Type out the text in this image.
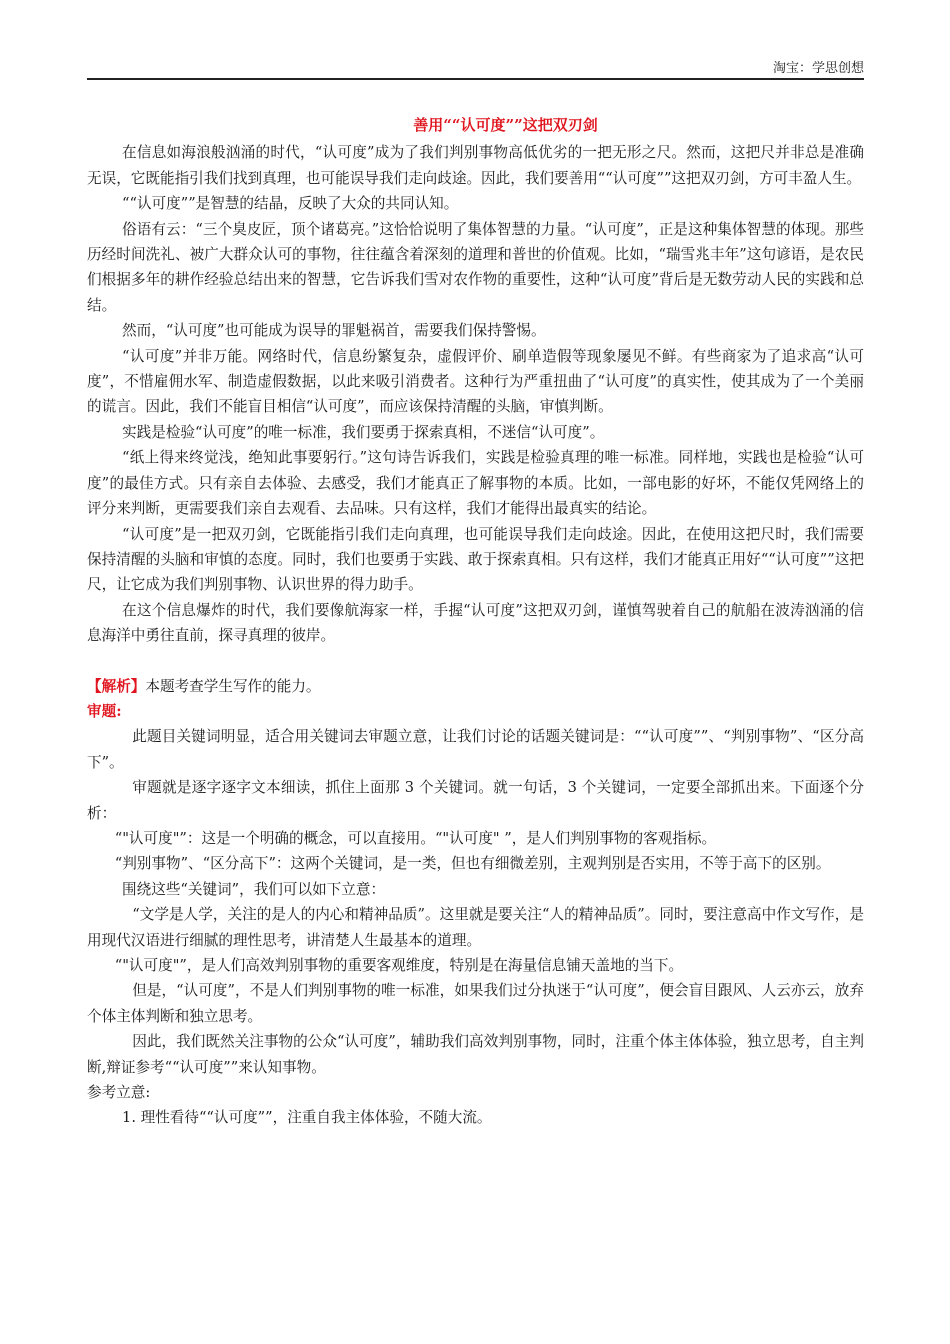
淘宝：学思创想
善用““认可度””这把双刃剑

在信息如海浪般汹涌的时代，“认可度”成为了我们判别事物高低优劣的一把无形之尺。然而，这把尺并非总是准确无误，它既能指引我们找到真理，也可能误导我们走向歧途。因此，我们要善用““认可度””这把双刃剑，方可丰盈人生。

““认可度””是智慧的结晶，反映了大众的共同认知。

俗语有云：“三个臭皮匠，顶个诸葛亮。”这恰恰说明了集体智慧的力量。“认可度”，正是这种集体智慧的体现。那些历经时间洗礼、被广大群众认可的事物，往往蕴含着深刻的道理和普世的价值观。比如，“瑞雪兆丰年”这句谚语，是农民们根据多年的耕作经验总结出来的智慧，它告诉我们雪对农作物的重要性，这种“认可度”背后是无数劳动人民的实践和总结。

然而，“认可度”也可能成为误导的罪魁祸首，需要我们保持警惕。

“认可度”并非万能。网络时代，信息纷繁复杂，虚假评价、刷单造假等现象屡见不鲜。有些商家为了追求高“认可度”，不惜雇佣水军、制造虚假数据，以此来吸引消费者。这种行为严重扭曲了“认可度”的真实性，使其成为了一个美丽的谎言。因此，我们不能盲目相信“认可度”，而应该保持清醒的头脑，审慎判断。

实践是检验“认可度”的唯一标准，我们要勇于探索真相，不迷信“认可度”。

“纸上得来终觉浅，绝知此事要躬行。”这句诗告诉我们，实践是检验真理的唯一标准。同样地，实践也是检验“认可度”的最佳方式。只有亲自去体验、去感受，我们才能真正了解事物的本质。比如，一部电影的好坏，不能仅凭网络上的评分来判断，更需要我们亲自去观看、去品味。只有这样，我们才能得出最真实的结论。

“认可度”是一把双刃剑，它既能指引我们走向真理，也可能误导我们走向歧途。因此，在使用这把尺时，我们需要保持清醒的头脑和审慎的态度。同时，我们也要勇于实践、敢于探索真相。只有这样，我们才能真正用好““认可度””这把尺，让它成为我们判别事物、认识世界的得力助手。

在这个信息爆炸的时代，我们要像航海家一样，手握“认可度”这把双刃剑，谨慎驾驶着自己的航船在波涛汹涌的信息海洋中勇往直前，探寻真理的彼岸。

【解析】本题考查学生写作的能力。

审题:

此题目关键词明显，适合用关键词去审题立意，让我们讨论的话题关键词是：““认可度””、“判别事物”、“区分高下”。

审题就是逐字逐字文本细读，抓住上面那 3 个关键词。就一句话，3 个关键词，一定要全部抓出来。下面逐个分析：

“"认可度"”：这是一个明确的概念，可以直接用。“"认可度" ”，是人们判别事物的客观指标。

“判别事物”、“区分高下”：这两个关键词，是一类，但也有细微差别，主观判别是否实用，不等于高下的区别。

围绕这些“关键词”，我们可以如下立意：

“文学是人学，关注的是人的内心和精神品质”。这里就是要关注“人的精神品质”。同时，要注意高中作文写作，是用现代汉语进行细腻的理性思考，讲清楚人生最基本的道理。

“"认可度"”，是人们高效判别事物的重要客观维度，特别是在海量信息铺天盖地的当下。

但是，“认可度”，不是人们判别事物的唯一标准，如果我们过分执迷于“认可度”，便会盲目跟风、人云亦云，放弃个体主体判断和独立思考。

因此，我们既然关注事物的公众“认可度”，辅助我们高效判别事物，同时，注重个体主体体验，独立思考，自主判断,辩证参考““认可度””来认知事物。

参考立意:

1. 理性看待““认可度””，注重自我主体体验，不随大流。
